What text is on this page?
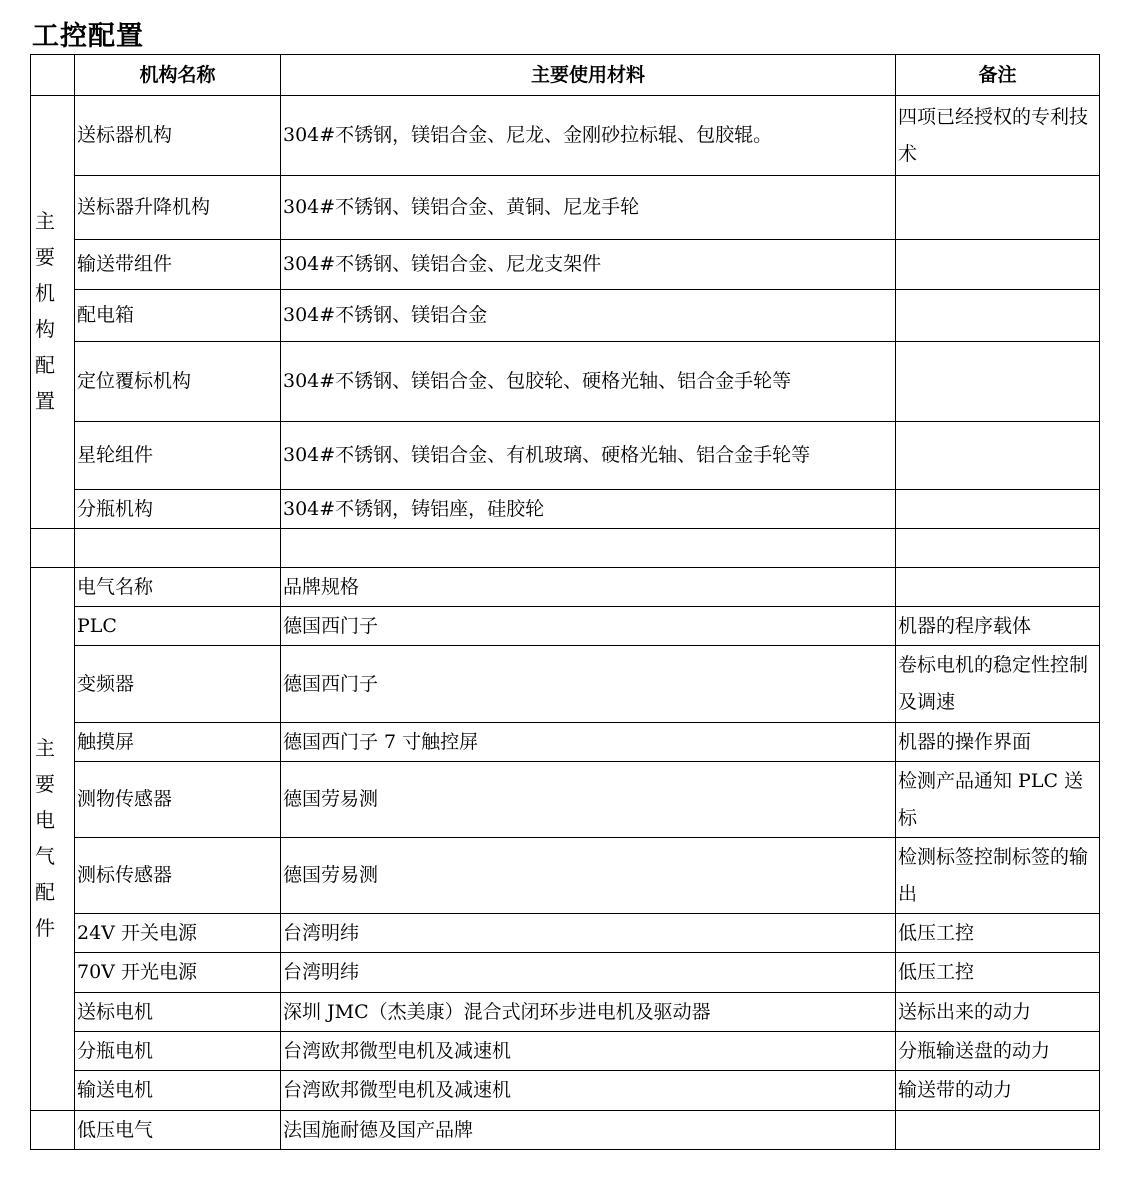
工控配置
	机构名称	主要使用材料	备注
主要机构配置	送标器机构	304#不锈钢，镁铝合金、尼龙、金刚砂拉标辊、包胶辊。	四项已经授权的专利技术
	送标器升降机构	304#不锈钢、镁铝合金、黄铜、尼龙手轮	
	输送带组件	304#不锈钢、镁铝合金、尼龙支架件	
	配电箱	304#不锈钢、镁铝合金	
	定位覆标机构	304#不锈钢、镁铝合金、包胶轮、硬格光轴、铝合金手轮等	
	星轮组件	304#不锈钢、镁铝合金、有机玻璃、硬格光轴、铝合金手轮等	
	分瓶机构	304#不锈钢，铸铝座，硅胶轮	

主要电气配件	电气名称	品牌规格	
	PLC	德国西门子	机器的程序载体
	变频器	德国西门子	卷标电机的稳定性控制及调速
	触摸屏	德国西门子 7 寸触控屏	机器的操作界面
	测物传感器	德国劳易测	检测产品通知 PLC 送标
	测标传感器	德国劳易测	检测标签控制标签的输出
	24V 开关电源	台湾明纬	低压工控
	70V 开光电源	台湾明纬	低压工控
	送标电机	深圳 JMC（杰美康）混合式闭环步进电机及驱动器	送标出来的动力
	分瓶电机	台湾欧邦微型电机及减速机	分瓶输送盘的动力
	输送电机	台湾欧邦微型电机及减速机	输送带的动力
	低压电气	法国施耐德及国产品牌	
